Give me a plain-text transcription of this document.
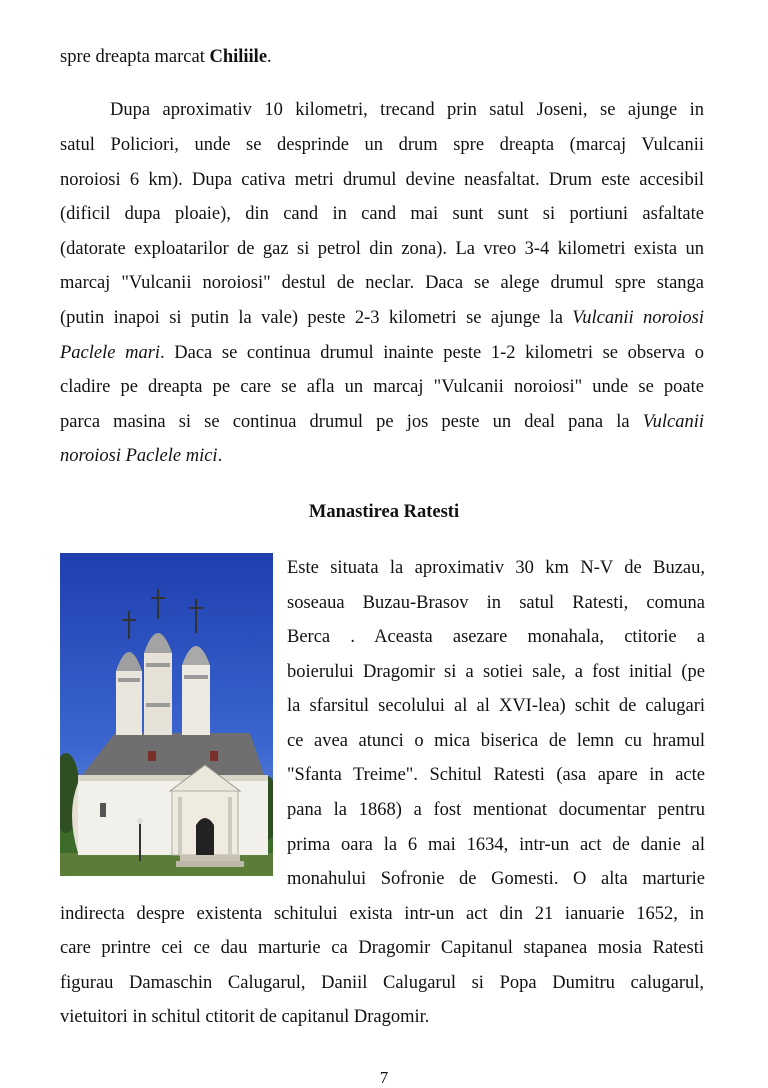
spre dreapta marcat Chiliile.
Dupa aproximativ 10 kilometri, trecand prin satul Joseni, se ajunge in
satul Policiori, unde se desprinde un drum spre dreapta (marcaj Vulcanii
noroiosi 6 km). Dupa cativa metri drumul devine neasfaltat. Drum este accesibil
(dificil dupa ploaie), din cand in cand mai sunt sunt si portiuni asfaltate
(datorate exploatarilor de gaz si petrol din zona). La vreo 3-4 kilometri exista un
marcaj "Vulcanii noroiosi" destul de neclar. Daca se alege drumul spre stanga
(putin inapoi si putin la vale) peste 2-3 kilometri se ajunge la Vulcanii noroiosi
Paclele mari. Daca se continua drumul inainte peste 1-2 kilometri se observa o
cladire pe dreapta pe care se afla un marcaj "Vulcanii noroiosi" unde se poate
parca masina si se continua drumul pe jos peste un deal pana la Vulcanii
noroiosi Paclele mici.
Manastirea Ratesti
Este situata la aproximativ 30 km N-V de Buzau,
soseaua Buzau-Brasov in satul Ratesti, comuna
Berca . Aceasta asezare monahala, ctitorie a
boierului Dragomir si a sotiei sale, a fost initial (pe
la sfarsitul secolului al al XVI-lea) schit de calugari
ce avea atunci o mica biserica de lemn cu hramul
"Sfanta Treime". Schitul Ratesti (asa apare in acte
pana la 1868) a fost mentionat documentar pentru
prima oara la 6 mai 1634, intr-un act de danie al
monahului Sofronie de Gomesti. O alta marturie
indirecta despre existenta schitului exista intr-un act din 21 ianuarie 1652, in
care printre cei ce dau marturie ca Dragomir Capitanul stapanea mosia Ratesti
figurau Damaschin Calugarul, Daniil Calugarul si Popa Dumitru calugarul,
vietuitori in schitul ctitorit de capitanul Dragomir.
7
